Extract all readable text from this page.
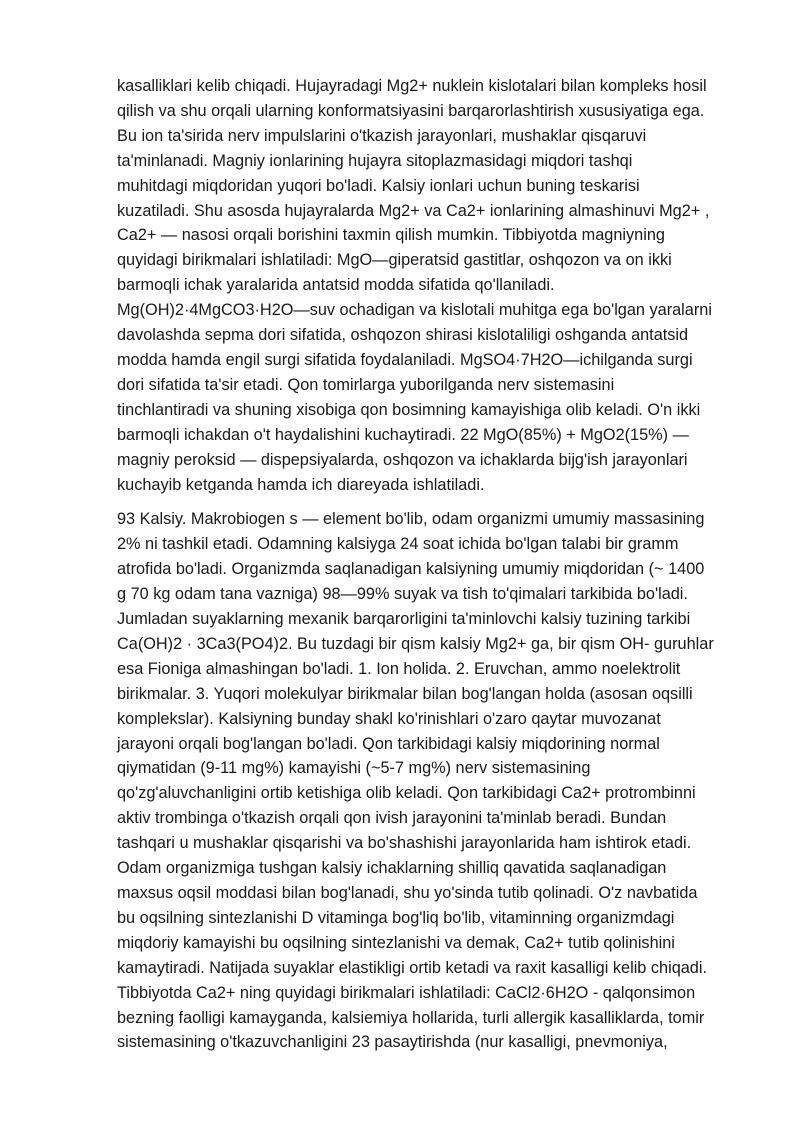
kasalliklari kelib chiqadi. Hujayradagi Mg2+ nuklein kislotalari bilan kompleks hosil
qilish va shu orqali ularning konformatsiyasini barqarorlashtirish xususiyatiga ega.
Bu ion ta'sirida nerv impulslarini o'tkazish jarayonlari, mushaklar qisqaruvi
ta'minlanadi. Magniy ionlarining hujayra sitoplazmasidagi miqdori tashqi
muhitdagi miqdoridan yuqori bo'ladi. Kalsiy ionlari uchun buning teskarisi
kuzatiladi. Shu asosda hujayralarda Mg2+ va Ca2+ ionlarining almashinuvi Mg2+ ,
Ca2+ — nasosi orqali borishini taxmin qilish mumkin. Tibbiyotda magniyning
quyidagi birikmalari ishlatiladi: MgO—giperatsid gastitlar, oshqozon va on ikki
barmoqli ichak yaralarida antatsid modda sifatida qo'llaniladi.
Mg(OH)2·4MgCO3·H2O—suv ochadigan va kislotali muhitga ega bo'lgan yaralarni
davolashda sepma dori sifatida, oshqozon shirasi kislotaliligi oshganda antatsid
modda hamda engil surgi sifatida foydalaniladi. MgSO4·7H2O—ichilganda surgi
dori sifatida ta'sir etadi. Qon tomirlarga yuborilganda nerv sistemasini
tinchlantiradi va shuning xisobiga qon bosimning kamayishiga olib keladi. O'n ikki
barmoqli ichakdan o't haydalishini kuchaytiradi. 22 MgO(85%) + MgO2(15%) —
magniy peroksid — dispepsiyalarda, oshqozon va ichaklarda bijg'ish jarayonlari
kuchayib ketganda hamda ich diareyada ishlatiladi.

93 Kalsiy. Makrobiogen s — element bo'lib, odam organizmi umumiy massasining
2% ni tashkil etadi. Odamning kalsiyga 24 soat ichida bo'lgan talabi bir gramm
atrofida bo'ladi. Organizmda saqlanadigan kalsiyning umumiy miqdoridan (~ 1400
g 70 kg odam tana vazniga) 98—99% suyak va tish to'qimalari tarkibida bo'ladi.
Jumladan suyaklarning mexanik barqarorligini ta'minlovchi kalsiy tuzining tarkibi
Ca(OH)2 · 3Ca3(PO4)2. Bu tuzdagi bir qism kalsiy Mg2+ ga, bir qism OH- guruhlar
esa Fioniga almashingan bo'ladi. 1. Ion holida. 2. Eruvchan, ammo noelektrolit
birikmalar. 3. Yuqori molekulyar birikmalar bilan bog'langan holda (asosan oqsilli
komplekslar). Kalsiyning bunday shakl ko'rinishlari o'zaro qaytar muvozanat
jarayoni orqali bog'langan bo'ladi. Qon tarkibidagi kalsiy miqdorining normal
qiymatidan (9-11 mg%) kamayishi (~5-7 mg%) nerv sistemasining
qo'zg'aluvchanligini ortib ketishiga olib keladi. Qon tarkibidagi Ca2+ protrombinni
aktiv trombinga o'tkazish orqali qon ivish jarayonini ta'minlab beradi. Bundan
tashqari u mushaklar qisqarishi va bo'shashishi jarayonlarida ham ishtirok etadi.
Odam organizmiga tushgan kalsiy ichaklarning shilliq qavatida saqlanadigan
maxsus oqsil moddasi bilan bog'lanadi, shu yo'sinda tutib qolinadi. O'z navbatida
bu oqsilning sintezlanishi D vitaminga bog'liq bo'lib, vitaminning organizmdagi
miqdoriy kamayishi bu oqsilning sintezlanishi va demak, Ca2+ tutib qolinishini
kamaytiradi. Natijada suyaklar elastikligi ortib ketadi va raxit kasalligi kelib chiqadi.
Tibbiyotda Ca2+ ning quyidagi birikmalari ishlatiladi: CaCl2·6H2O - qalqonsimon
bezning faolligi kamayganda, kalsiemiya hollarida, turli allergik kasalliklarda, tomir
sistemasining o'tkazuvchanligini 23 pasaytirishda (nur kasalligi, pnevmoniya,
